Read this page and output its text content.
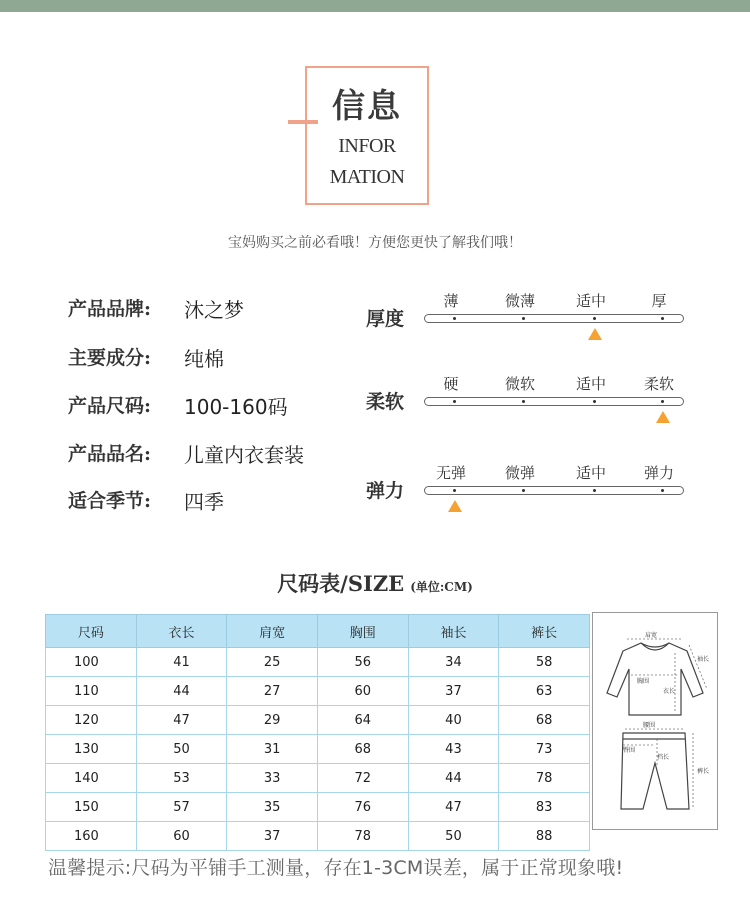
信息
INFOR
MATION
宝妈购买之前必看哦！方便您更快了解我们哦！
产品品牌: 沐之梦
主要成分: 纯棉
产品尺码: 100-160码
产品品名: 儿童内衣套装
适合季节: 四季
厚度
薄	微薄	适中	厚
柔软
硬	微软	适中	柔软
弹力
无弹	微弹	适中	弹力
尺码表/SIZE (单位:CM)
尺码	衣长	肩宽	胸围	袖长	裤长
100	41	25	56	34	58
110	44	27	60	37	63
120	47	29	64	40	68
130	50	31	68	43	73
140	53	33	72	44	78
150	57	35	76	47	83
160	60	37	78	50	88
肩宽
袖长
胸围
衣长
腰围
臀围
档长
裤长
温馨提示:尺码为平铺手工测量，存在1-3CM误差，属于正常现象哦!
